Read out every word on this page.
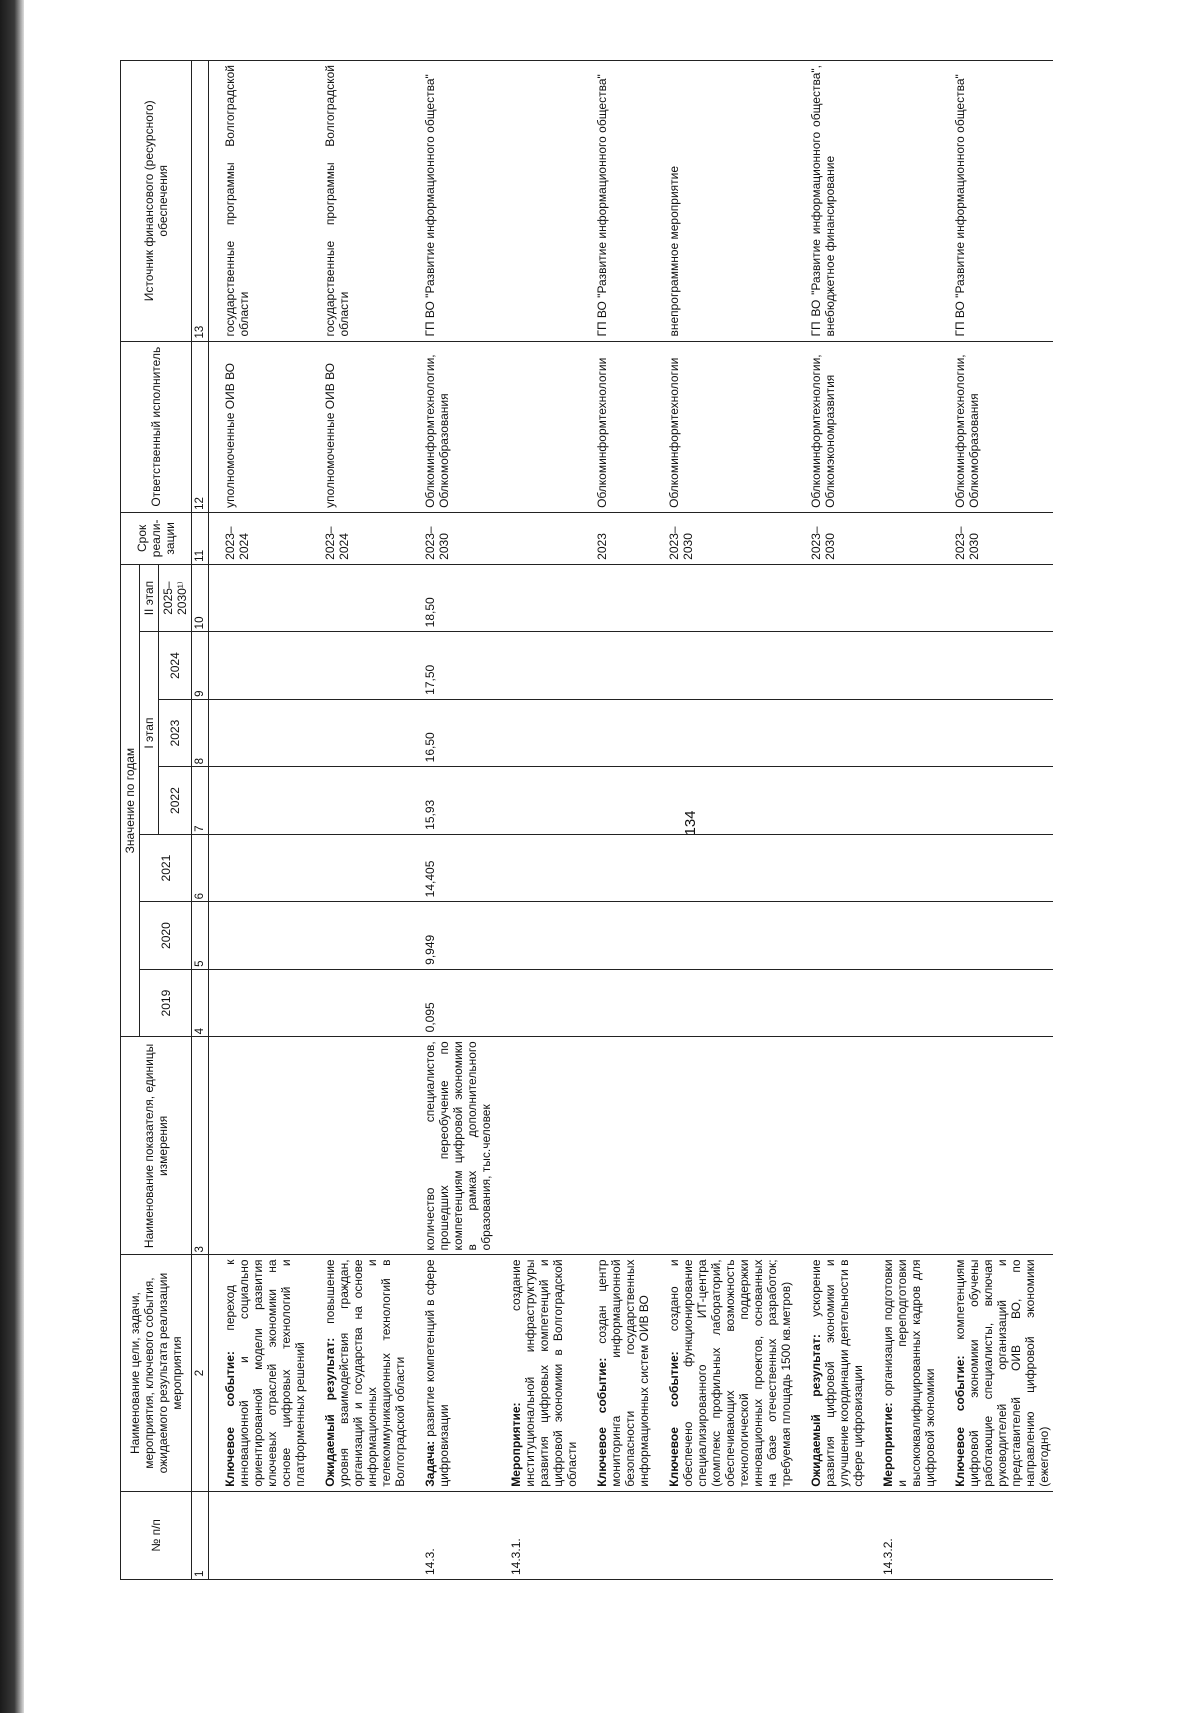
134
№ п/п	Наименование цели, задачи, мероприятия, ключевого события, ожидаемого результата реализации мероприятия	Наименование показателя, единицы измерения	Значение по годам							Срок реали- зации	Ответственный исполнитель	Источник финансового (ресурсного) обеспечения
			2019	2020	2021	I этап			II этап			
						2022	2023	2024	2025– 2030¹⁾			
1	2	3	4	5	6	7	8	9	10	11	12	13
	Ключевое событие: переход к инновационной и социально ориентированной модели развития ключевых отраслей экономики на основе цифровых технологий и платформенных решений									2023– 2024	уполномоченные ОИВ ВО	государственные программы Волгоградской области
	Ожидаемый результат: повышение уровня взаимодействия граждан, организаций и государства на основе информационных и телекоммуникационных технологий в Волгоградской области									2023– 2024	уполномоченные ОИВ ВО	государственные программы Волгоградской области
14.3.	Задача: развитие компетенций в сфере цифровизации	количество специалистов, прошедших переобучение по компетенциям цифровой экономики в рамках дополнительного образования, тыс.человек	0,095	9,949	14,405	15,93	16,50	17,50	18,50	2023– 2030	Облкоминформтехнологии, Облкомобразования	ГП ВО "Развитие информационного общества"
14.3.1.	Мероприятие: создание институциональной инфраструктуры развития цифровых компетенций и цифровой экономики в Волгоградской области											
	Ключевое событие: создан центр мониторинга информационной безопасности государственных информационных систем ОИВ ВО									2023	Облкоминформтехнологии	ГП ВО "Развитие информационного общества"
	Ключевое событие: создано и обеспечено функционирование специализированного ИТ-центра (комплекс профильных лабораторий, обеспечивающих возможность технологической поддержки инновационных проектов, основанных на базе отечественных разработок; требуемая площадь 1500 кв.метров)									2023– 2030	Облкоминформтехнологии	внепрограммное мероприятие
	Ожидаемый результат: ускорение развития цифровой экономики и улучшение координации деятельности в сфере цифровизации									2023– 2030	Облкоминформтехнологии, Облкомэкономразвития	ГП ВО "Развитие информационного общества", внебюджетное финансирование
14.3.2.	Мероприятие: организация подготовки и переподготовки высококвалифицированных кадров для цифровой экономики											
	Ключевое событие: компетенциям цифровой экономики обучены работающие специалисты, включая руководителей организаций и представителей ОИВ ВО, по направлению цифровой экономики (ежегодно)									2023– 2030	Облкоминформтехнологии, Облкомобразования	ГП ВО "Развитие информационного общества"
